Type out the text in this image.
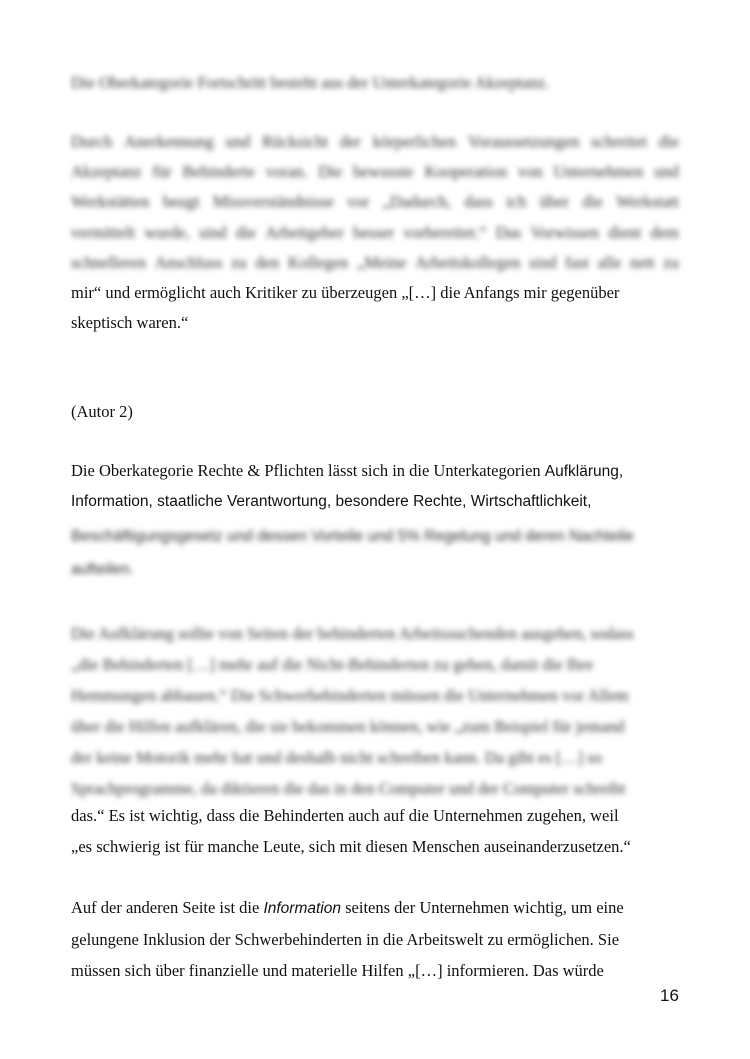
Die Oberkategorie Fortschritt besteht aus der Unterkategorie Akzeptanz.
Durch Anerkennung und Rücksicht der körperlichen Voraussetzungen schreitet die
Akzeptanz für Behinderte voran. Die bewusste Kooperation von Unternehmen und
Werkstätten beugt Missverständnisse vor „Dadurch, dass ich über die Werkstatt
vermittelt wurde, sind die Arbeitgeber besser vorbereitet.“ Das Vorwissen dient dem
schnelleren Anschluss zu den Kollegen „Meine Arbeitskollegen sind fast alle nett zu
mir“ und ermöglicht auch Kritiker zu überzeugen „[…] die Anfangs mir gegenüber
skeptisch waren.“
(Autor 2)
Die Oberkategorie Rechte & Pflichten lässt sich in die Unterkategorien Aufklärung,
Information, staatliche Verantwortung, besondere Rechte, Wirtschaftlichkeit,
Beschäftigungsgesetz und dessen Vorteile und 5% Regelung und deren Nachteile
aufteilen.
Die Aufklärung sollte von Seiten der behinderten Arbeitssuchenden ausgehen, sodass
„die Behinderten […] mehr auf die Nicht-Behinderten zu gehen, damit die Ihre
Hemmungen abbauen.“ Die Schwerbehinderten müssen die Unternehmen vor Allem
über die Hilfen aufklären, die sie bekommen können, wie „zum Beispiel für jemand
der keine Motorik mehr hat und deshalb nicht schreiben kann. Da gibt es […] so
Sprachprogramme, da diktieren die das in den Computer und der Computer schreibt
das.“ Es ist wichtig, dass die Behinderten auch auf die Unternehmen zugehen, weil
„es schwierig ist für manche Leute, sich mit diesen Menschen auseinanderzusetzen.“
Auf der anderen Seite ist die Information seitens der Unternehmen wichtig, um eine
gelungene Inklusion der Schwerbehinderten in die Arbeitswelt zu ermöglichen. Sie
müssen sich über finanzielle und materielle Hilfen „[…] informieren. Das würde
16
